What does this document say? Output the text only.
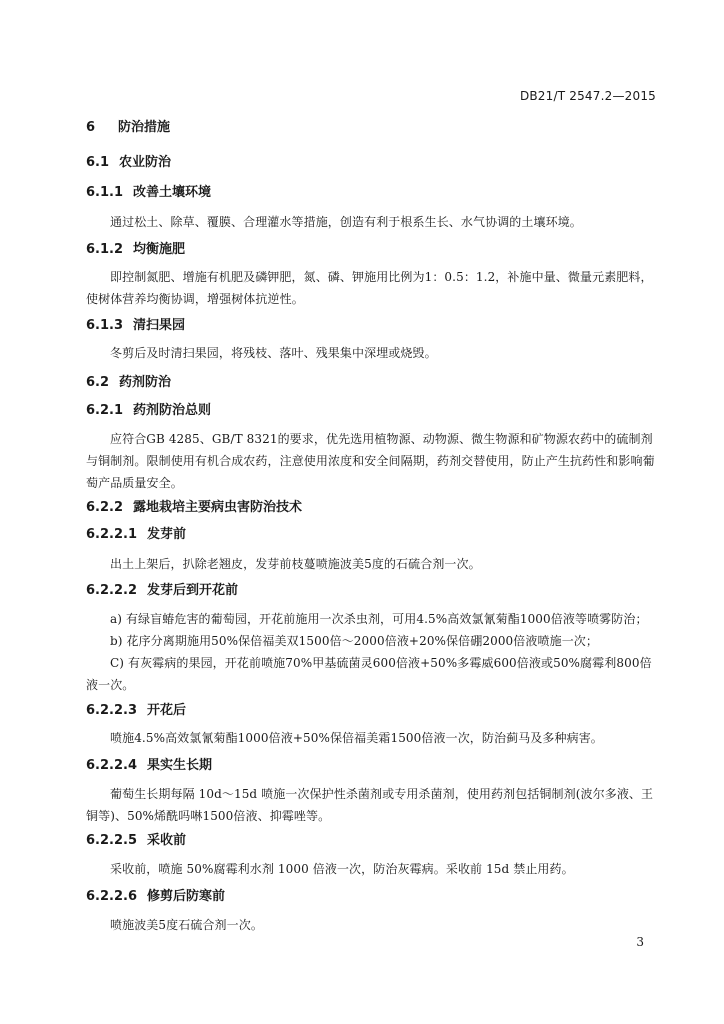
DB21/T 2547.2—2015
6 防治措施
6.1 农业防治
6.1.1 改善土壤环境

通过松土、除草、覆膜、合理灌水等措施，创造有利于根系生长、水气协调的土壤环境。

6.1.2 均衡施肥

即控制氮肥、增施有机肥及磷钾肥，氮、磷、钾施用比例为1：0.5：1.2，补施中量、微量元素肥料，使树体营养均衡协调，增强树体抗逆性。

6.1.3 清扫果园

冬剪后及时清扫果园，将残枝、落叶、残果集中深埋或烧毁。

6.2 药剂防治
6.2.1 药剂防治总则

应符合GB 4285、GB/T 8321的要求，优先选用植物源、动物源、微生物源和矿物源农药中的硫制剂与铜制剂。限制使用有机合成农药，注意使用浓度和安全间隔期，药剂交替使用，防止产生抗药性和影响葡萄产品质量安全。

6.2.2 露地栽培主要病虫害防治技术
6.2.2.1 发芽前

出土上架后，扒除老翘皮，发芽前枝蔓喷施波美5度的石硫合剂一次。

6.2.2.2 发芽后到开花前

a) 有绿盲蝽危害的葡萄园，开花前施用一次杀虫剂，可用4.5%高效氯氰菊酯1000倍液等喷雾防治；

b) 花序分离期施用50%保倍福美双1500倍～2000倍液+20%保倍硼2000倍液喷施一次；

C) 有灰霉病的果园，开花前喷施70%甲基硫菌灵600倍液+50%多霉威600倍液或50%腐霉利800倍液一次。

6.2.2.3 开花后

喷施4.5%高效氯氰菊酯1000倍液+50%保倍福美霜1500倍液一次，防治蓟马及多种病害。

6.2.2.4 果实生长期

葡萄生长期每隔 10d～15d 喷施一次保护性杀菌剂或专用杀菌剂，使用药剂包括铜制剂(波尔多液、王铜等)、50%烯酰吗啉1500倍液、抑霉唑等。

6.2.2.5 采收前

采收前，喷施 50%腐霉利水剂 1000 倍液一次，防治灰霉病。采收前 15d 禁止用药。

6.2.2.6 修剪后防寒前

喷施波美5度石硫合剂一次。

3
